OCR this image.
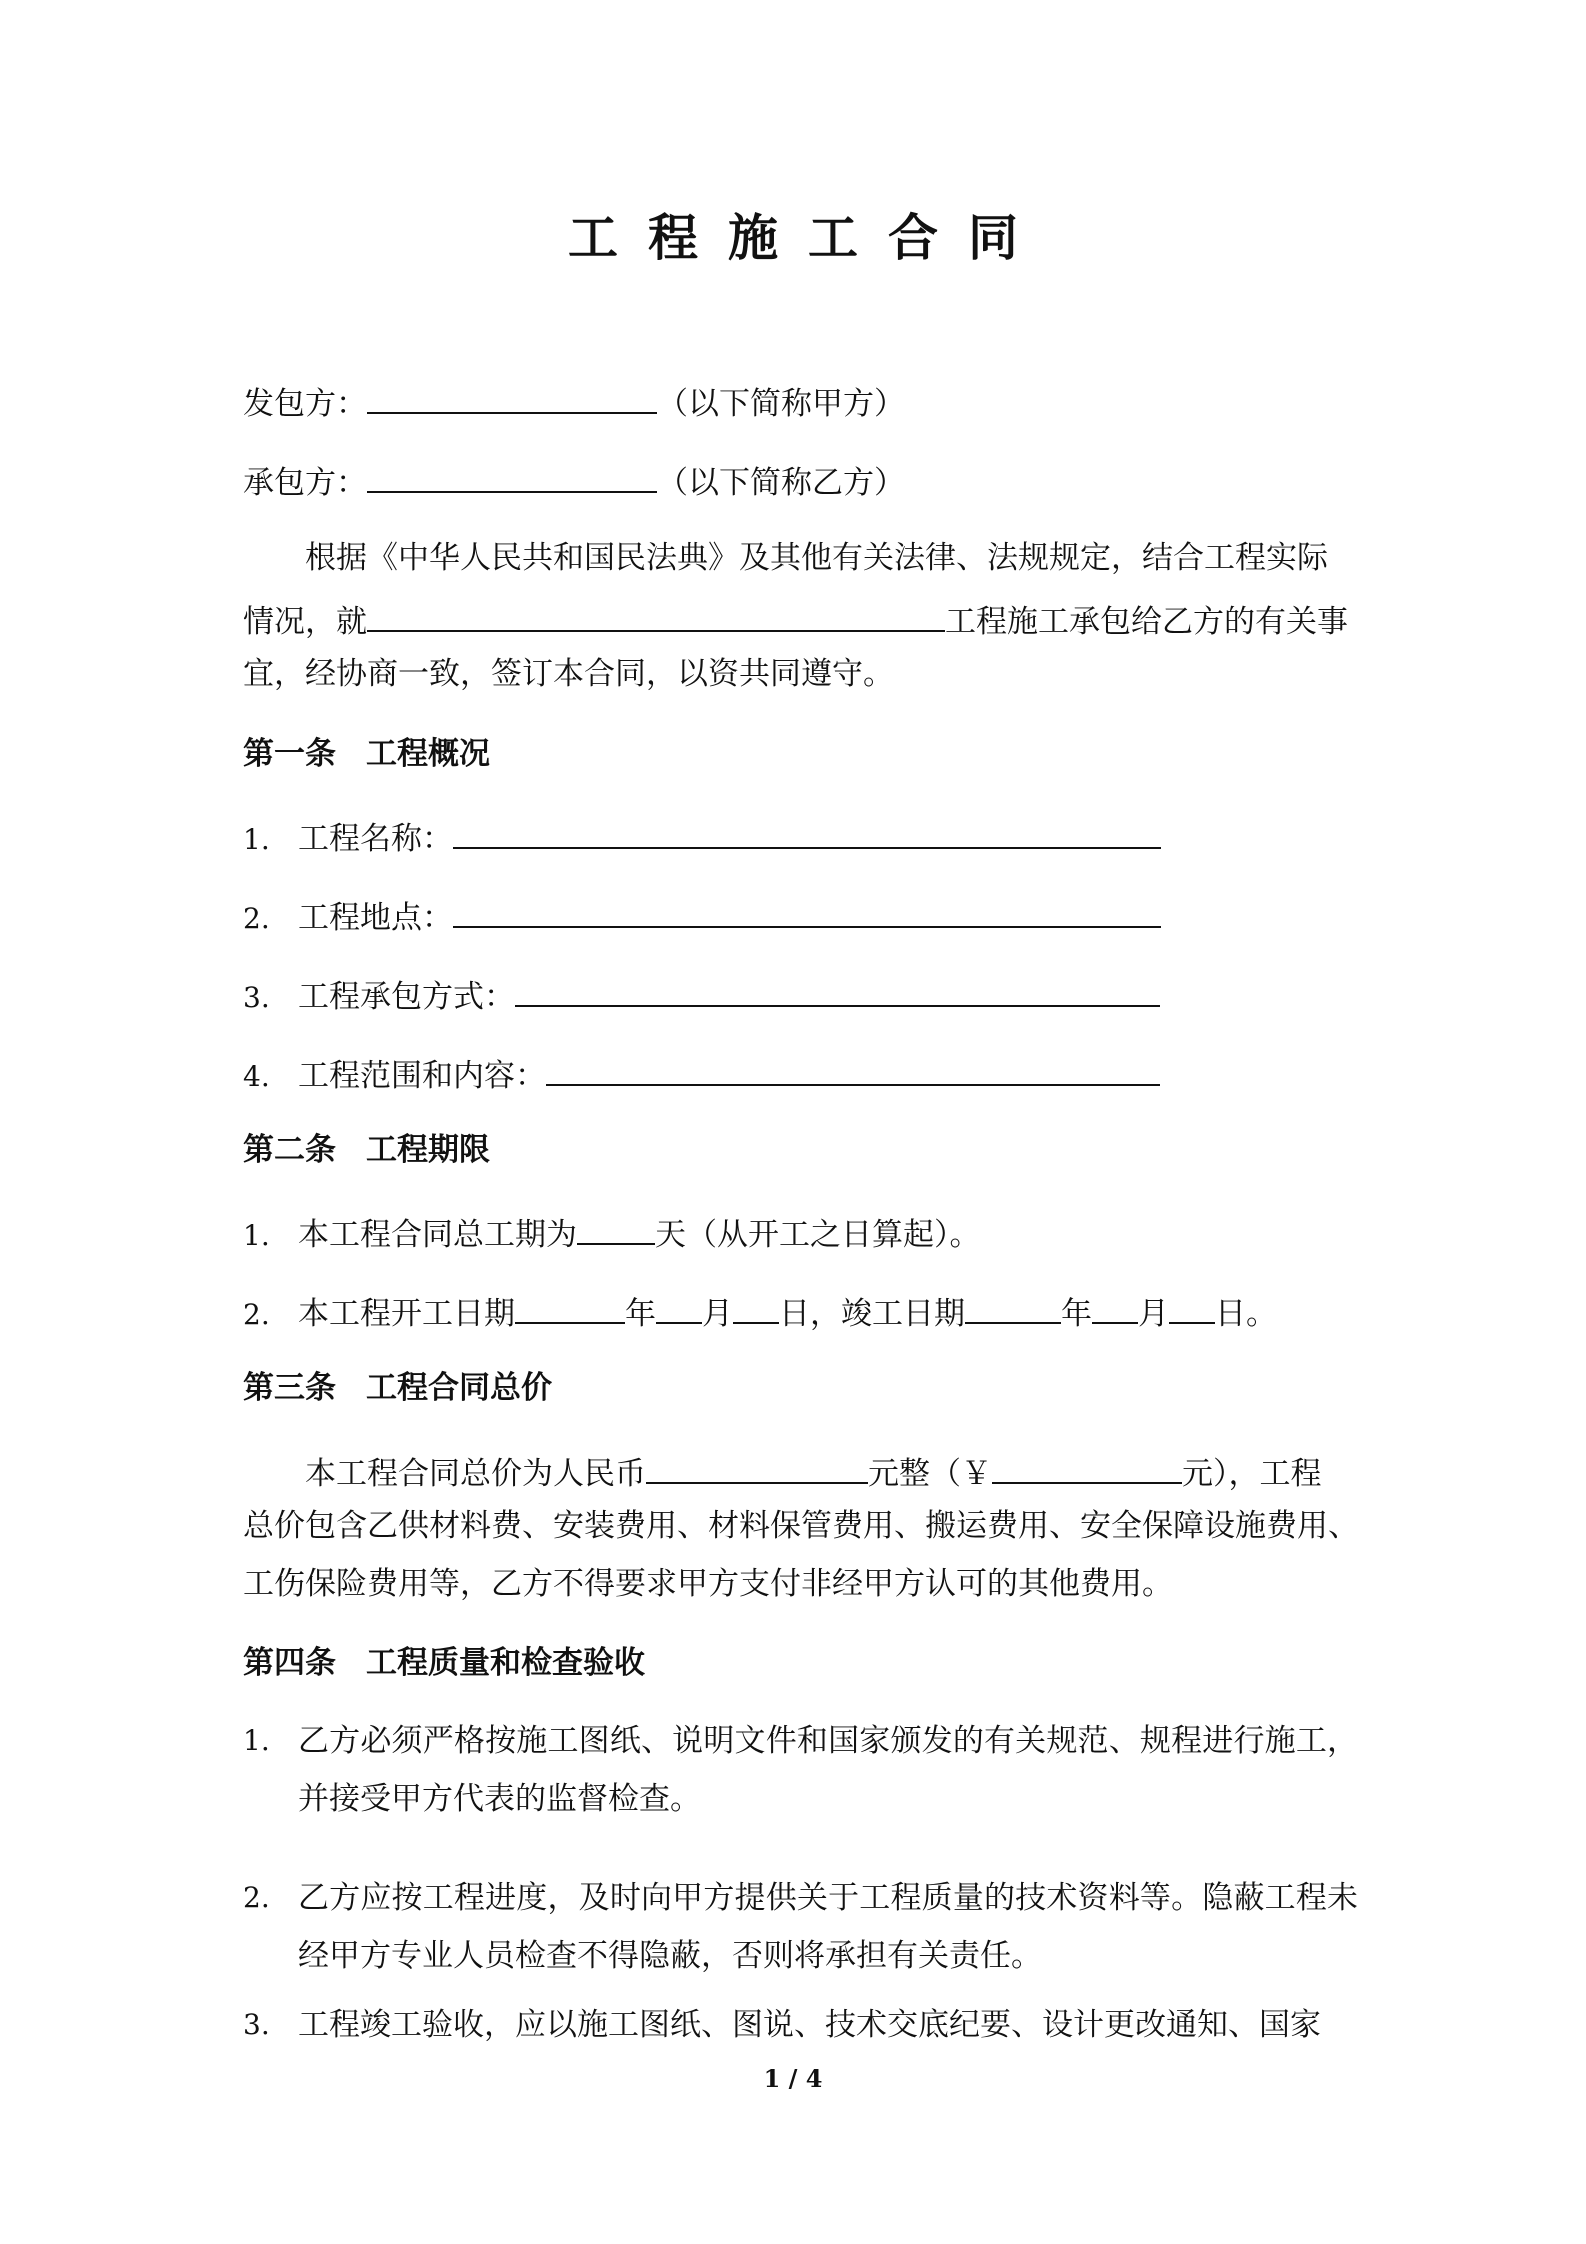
工程施工合同
发包方：	（以下简称甲方）
承包方：	（以下简称乙方）
根据《中华人民共和国民法典》及其他有关法律、法规规定，结合工程实际
情况，就	工程施工承包给乙方的有关事
宜，经协商一致，签订本合同，以资共同遵守。
第一条 工程概况
1. 工程名称：
2. 工程地点：
3. 工程承包方式：
4. 工程范围和内容：
第二条 工程期限
1. 本工程合同总工期为	天（从开工之日算起）。
2. 本工程开工日期	年 月 日，竣工日期	年 月 日。
第三条 工程合同总价
本工程合同总价为人民币	元整（￥	元），工程
总价包含乙供材料费、安装费用、材料保管费用、搬运费用、安全保障设施费用、
工伤保险费用等，乙方不得要求甲方支付非经甲方认可的其他费用。
第四条 工程质量和检查验收
1. 乙方必须严格按施工图纸、说明文件和国家颁发的有关规范、规程进行施工，并接受甲方代表的监督检查。
2. 乙方应按工程进度，及时向甲方提供关于工程质量的技术资料等。隐蔽工程未经甲方专业人员检查不得隐蔽，否则将承担有关责任。
3. 工程竣工验收，应以施工图纸、图说、技术交底纪要、设计更改通知、国家
1 / 4
